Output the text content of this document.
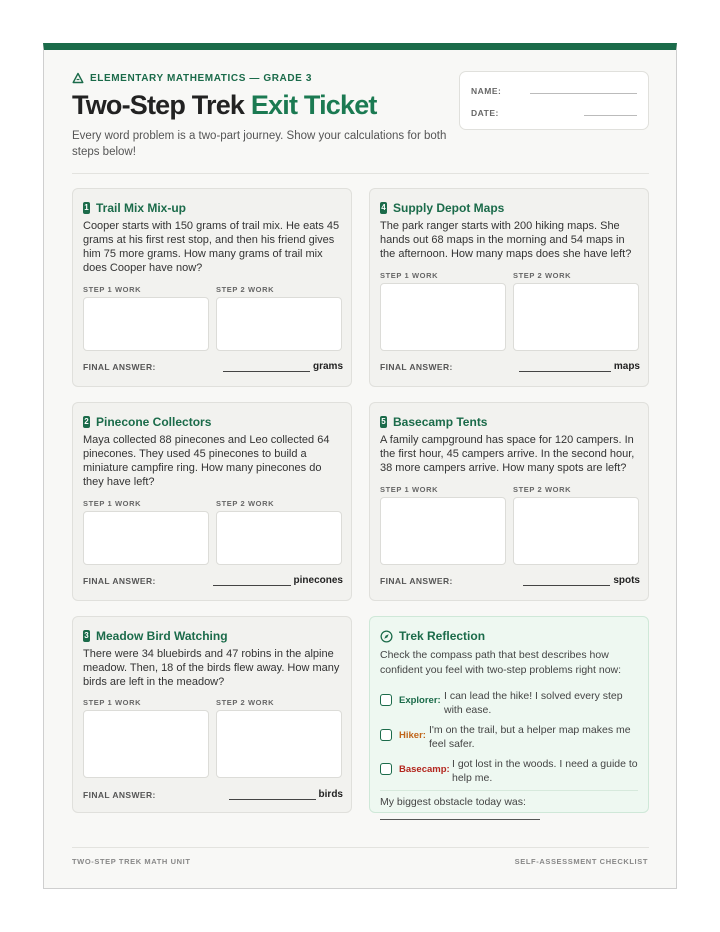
ELEMENTARY MATHEMATICS — GRADE 3
Two-Step Trek Exit Ticket
Every word problem is a two-part journey. Show your calculations for both steps below!
NAME:
DATE:
1 Trail Mix Mix-up
Cooper starts with 150 grams of trail mix. He eats 45 grams at his first rest stop, and then his friend gives him 75 more grams. How many grams of trail mix does Cooper have now?
STEP 1 WORK	STEP 2 WORK
FINAL ANSWER:	grams
4 Supply Depot Maps
The park ranger starts with 200 hiking maps. She hands out 68 maps in the morning and 54 maps in the afternoon. How many maps does she have left?
STEP 1 WORK	STEP 2 WORK
FINAL ANSWER:	maps
2 Pinecone Collectors
Maya collected 88 pinecones and Leo collected 64 pinecones. They used 45 pinecones to build a miniature campfire ring. How many pinecones do they have left?
STEP 1 WORK	STEP 2 WORK
FINAL ANSWER:	pinecones
5 Basecamp Tents
A family campground has space for 120 campers. In the first hour, 45 campers arrive. In the second hour, 38 more campers arrive. How many spots are left?
STEP 1 WORK	STEP 2 WORK
FINAL ANSWER:	spots
3 Meadow Bird Watching
There were 34 bluebirds and 47 robins in the alpine meadow. Then, 18 of the birds flew away. How many birds are left in the meadow?
STEP 1 WORK	STEP 2 WORK
FINAL ANSWER:	birds
Trek Reflection
Check the compass path that best describes how confident you feel with two-step problems right now:
Explorer: I can lead the hike! I solved every step with ease.
Hiker: I'm on the trail, but a helper map makes me feel safer.
Basecamp: I got lost in the woods. I need a guide to help me.
My biggest obstacle today was:
TWO-STEP TREK MATH UNIT	SELF-ASSESSMENT CHECKLIST
